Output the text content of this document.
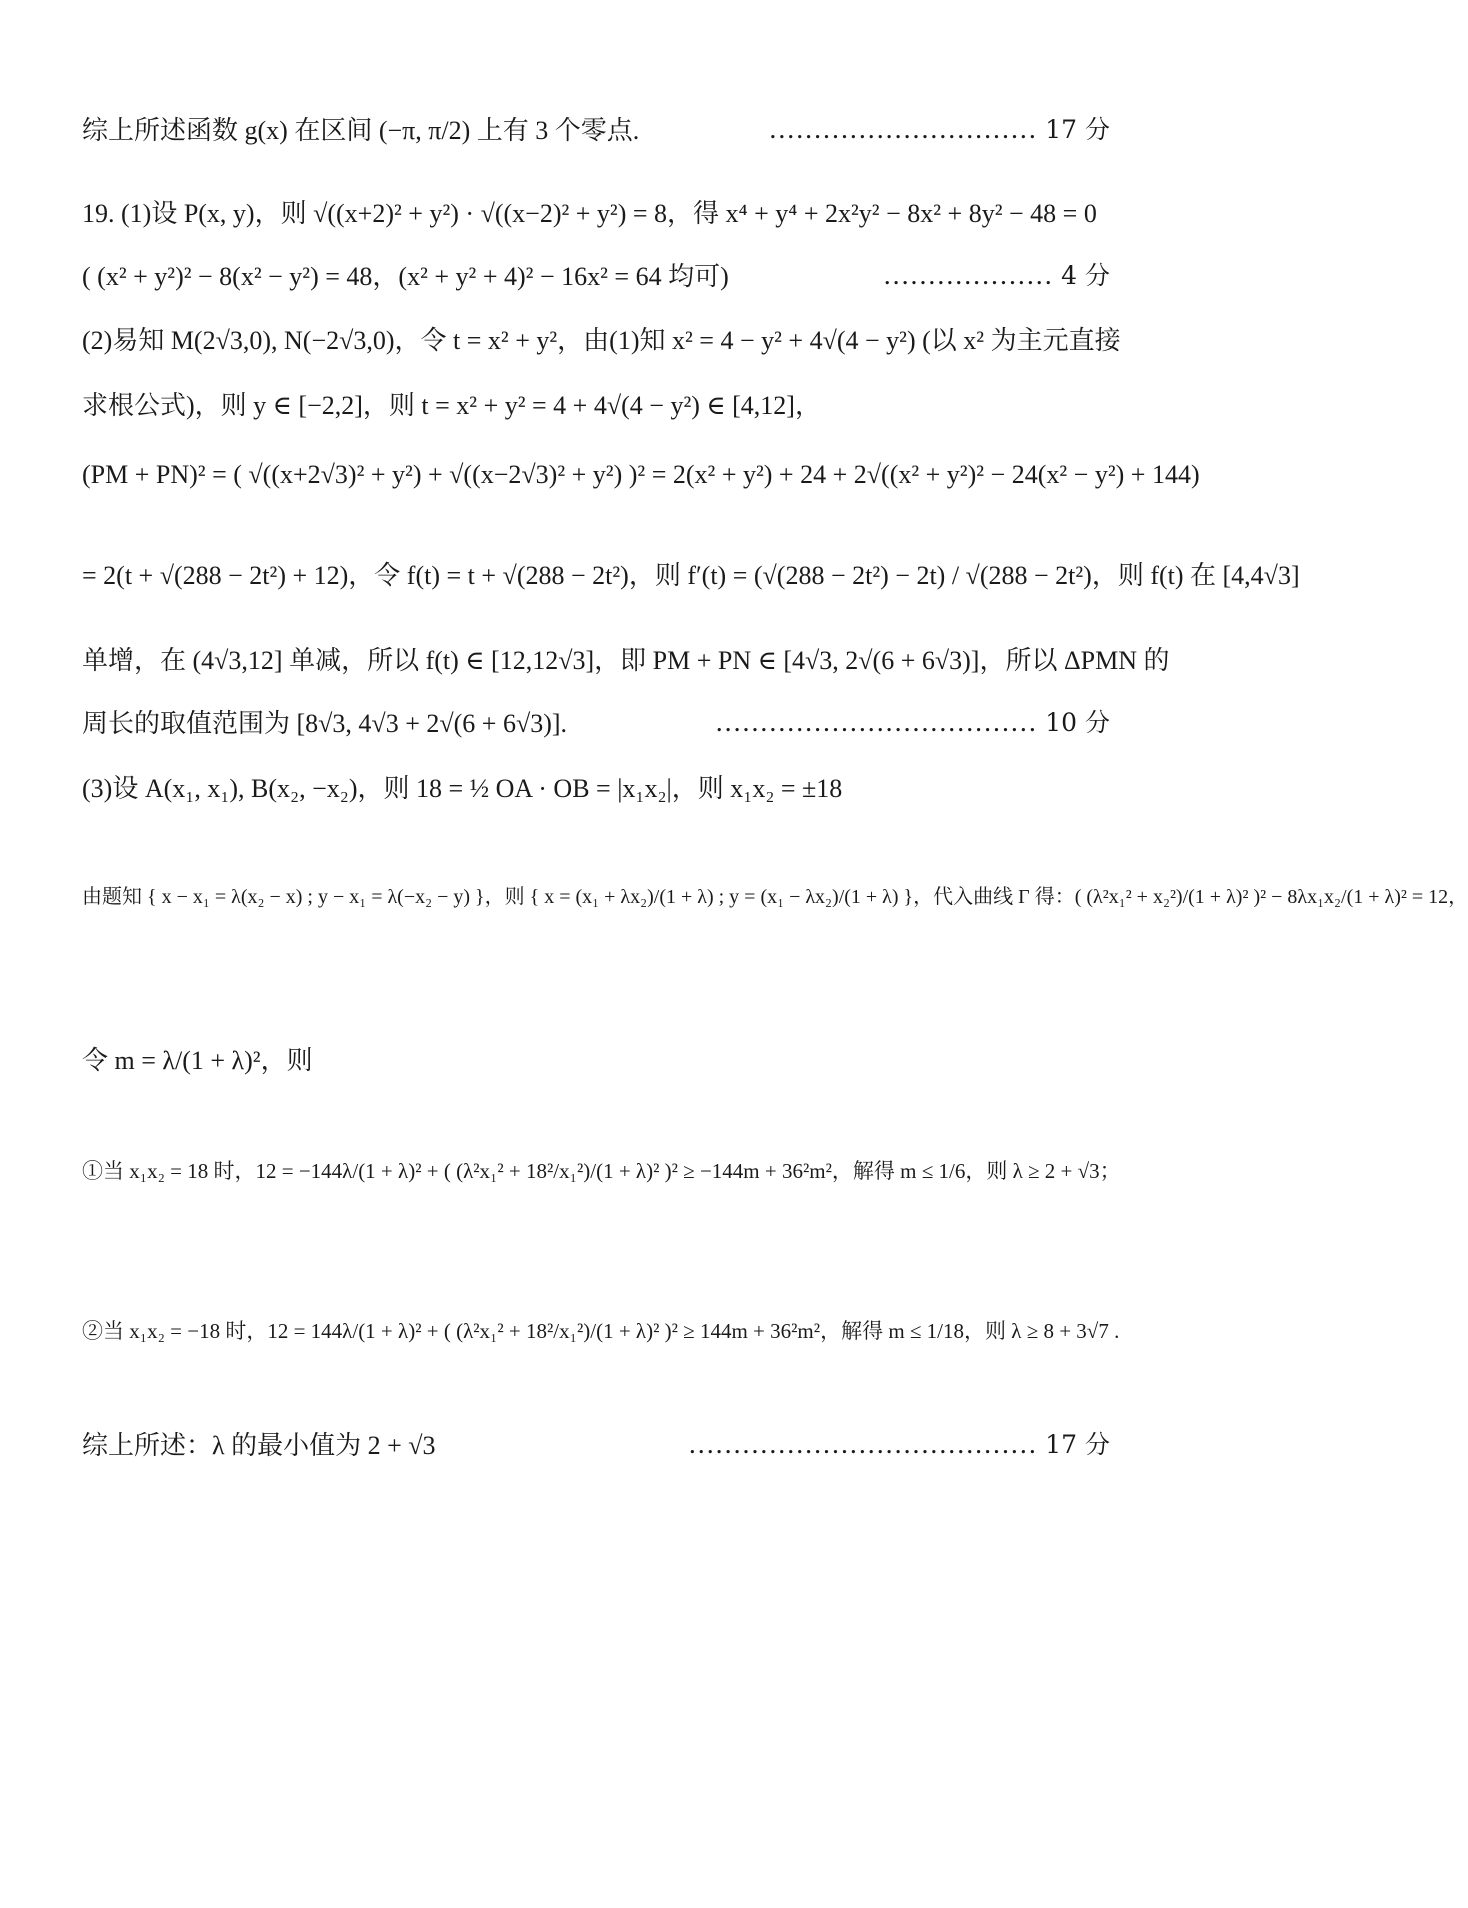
综上所述函数 g(x) 在区间 (−π, π/2) 上有 3 个零点.	.............................. 17 分
19. (1)设 P(x, y)，则 √((x+2)² + y²) · √((x−2)² + y²) = 8，得 x⁴ + y⁴ + 2x²y² − 8x² + 8y² − 48 = 0
( (x² + y²)² − 8(x² − y²) = 48，(x² + y² + 4)² − 16x² = 64 均可)	................... 4 分
(2)易知 M(2√3,0), N(−2√3,0)，令 t = x² + y²，由(1)知 x² = 4 − y² + 4√(4 − y²) (以 x² 为主元直接
求根公式)，则 y ∈ [−2,2]，则 t = x² + y² = 4 + 4√(4 − y²) ∈ [4,12]，
(PM + PN)² = ( √((x+2√3)² + y²) + √((x−2√3)² + y²) )² = 2(x² + y²) + 24 + 2√((x² + y²)² − 24(x² − y²) + 144)
= 2(t + √(288 − 2t²) + 12)，令 f(t) = t + √(288 − 2t²)，则 f′(t) = (√(288 − 2t²) − 2t) / √(288 − 2t²)，则 f(t) 在 [4,4√3]
单增，在 (4√3,12] 单减，所以 f(t) ∈ [12,12√3]，即 PM + PN ∈ [4√3, 2√(6 + 6√3)]，所以 ΔPMN 的
周长的取值范围为 [8√3, 4√3 + 2√(6 + 6√3)].	.................................... 10 分
(3)设 A(x₁, x₁), B(x₂, −x₂)，则 18 = ½ OA · OB = |x₁x₂|，则 x₁x₂ = ±18
由题知 { x − x₁ = λ(x₂ − x) ; y − x₁ = λ(−x₂ − y) }，则 { x = (x₁ + λx₂)/(1 + λ) ; y = (x₁ − λx₂)/(1 + λ) }，代入曲线 Γ 得：( (λ²x₁² + x₂²)/(1 + λ)² )² − 8λx₁x₂/(1 + λ)² = 12，
令 m = λ/(1 + λ)²，则
①当 x₁x₂ = 18 时，12 = −144λ/(1 + λ)² + ( (λ²x₁² + 18²/x₁²)/(1 + λ)² )² ≥ −144m + 36²m²，解得 m ≤ 1/6，则 λ ≥ 2 + √3；
②当 x₁x₂ = −18 时，12 = 144λ/(1 + λ)² + ( (λ²x₁² + 18²/x₁²)/(1 + λ)² )² ≥ 144m + 36²m²，解得 m ≤ 1/18，则 λ ≥ 8 + 3√7 .
综上所述：λ 的最小值为 2 + √3	....................................... 17 分
